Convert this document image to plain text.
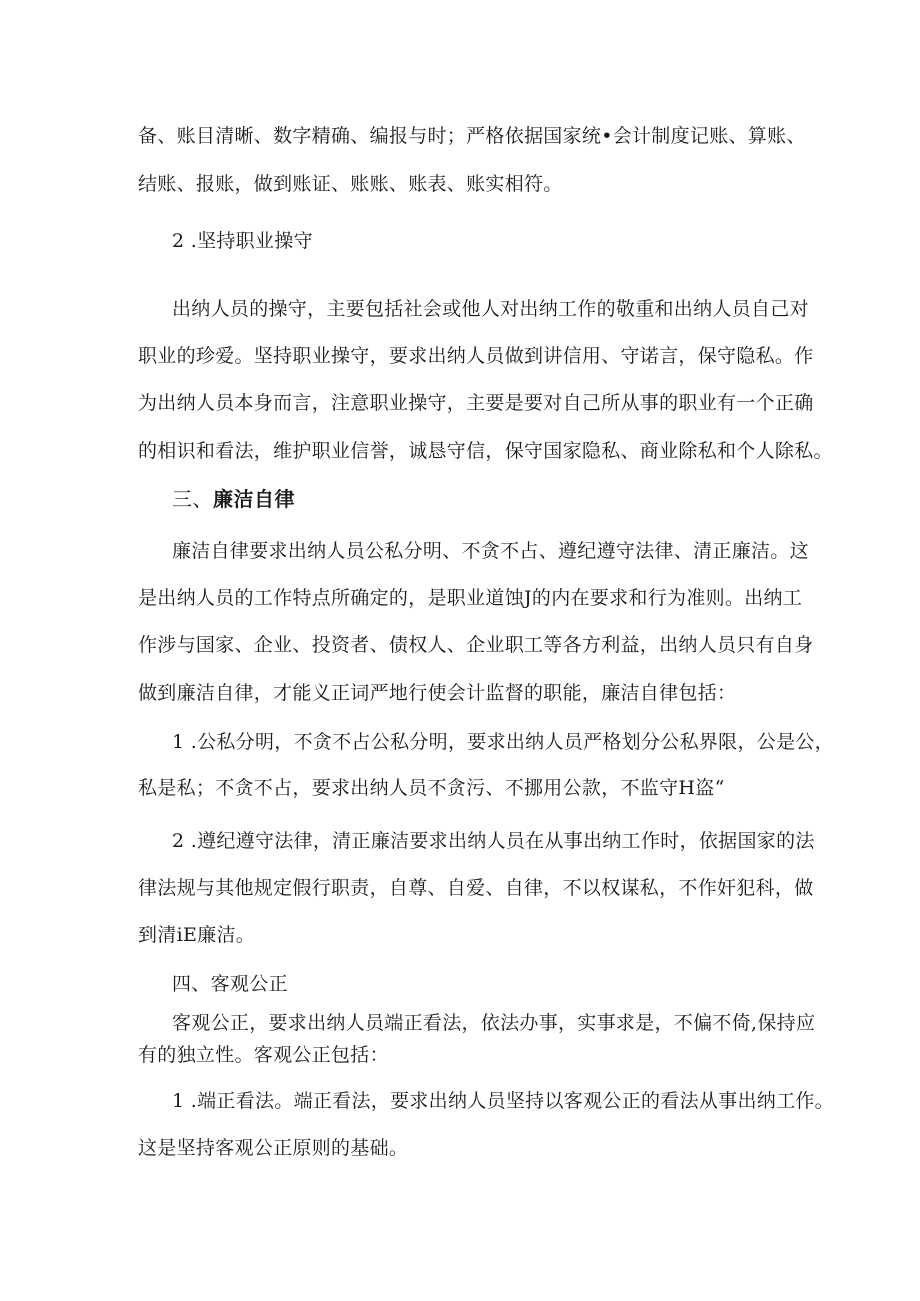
备、账目清晰、数字精确、编报与时；严格依据国家统•会计制度记账、算账、
结账、报账，做到账证、账账、账表、账实相符。
2 .坚持职业操守
出纳人员的操守，主要包括社会或他人对出纳工作的敬重和出纳人员自己对
职业的珍爱。坚持职业操守，要求出纳人员做到讲信用、守诺言，保守隐私。作
为出纳人员本身而言，注意职业操守，主要是要对自己所从事的职业有一个正确
的相识和看法，维护职业信誉，诚恳守信，保守国家隐私、商业除私和个人除私。
三、廉洁自律
廉洁自律要求出纳人员公私分明、不贪不占、遵纪遵守法律、清正廉洁。这
是出纳人员的工作特点所确定的，是职业道蚀J的内在要求和行为准则。出纳工
作涉与国家、企业、投资者、债权人、企业职工等各方利益，出纳人员只有自身
做到廉洁自律，才能义正词严地行使会计监督的职能，廉洁自律包括：
1 .公私分明，不贪不占公私分明，要求出纳人员严格划分公私界限，公是公，
私是私；不贪不占，要求出纳人员不贪污、不挪用公款，不监守H盗“
2 .遵纪遵守法律，清正廉洁要求出纳人员在从事出纳工作时，依据国家的法
律法规与其他规定假行职责，自尊、自爱、自律，不以权谋私，不作奸犯科，做
到清iE廉洁。
四、客观公正
客观公正，要求出纳人员端正看法，依法办事，实事求是，不偏不倚,保持应
有的独立性。客观公正包括：
1 .端正看法。端正看法，要求出纳人员坚持以客观公正的看法从事出纳工作。
这是坚持客观公正原则的基础。
